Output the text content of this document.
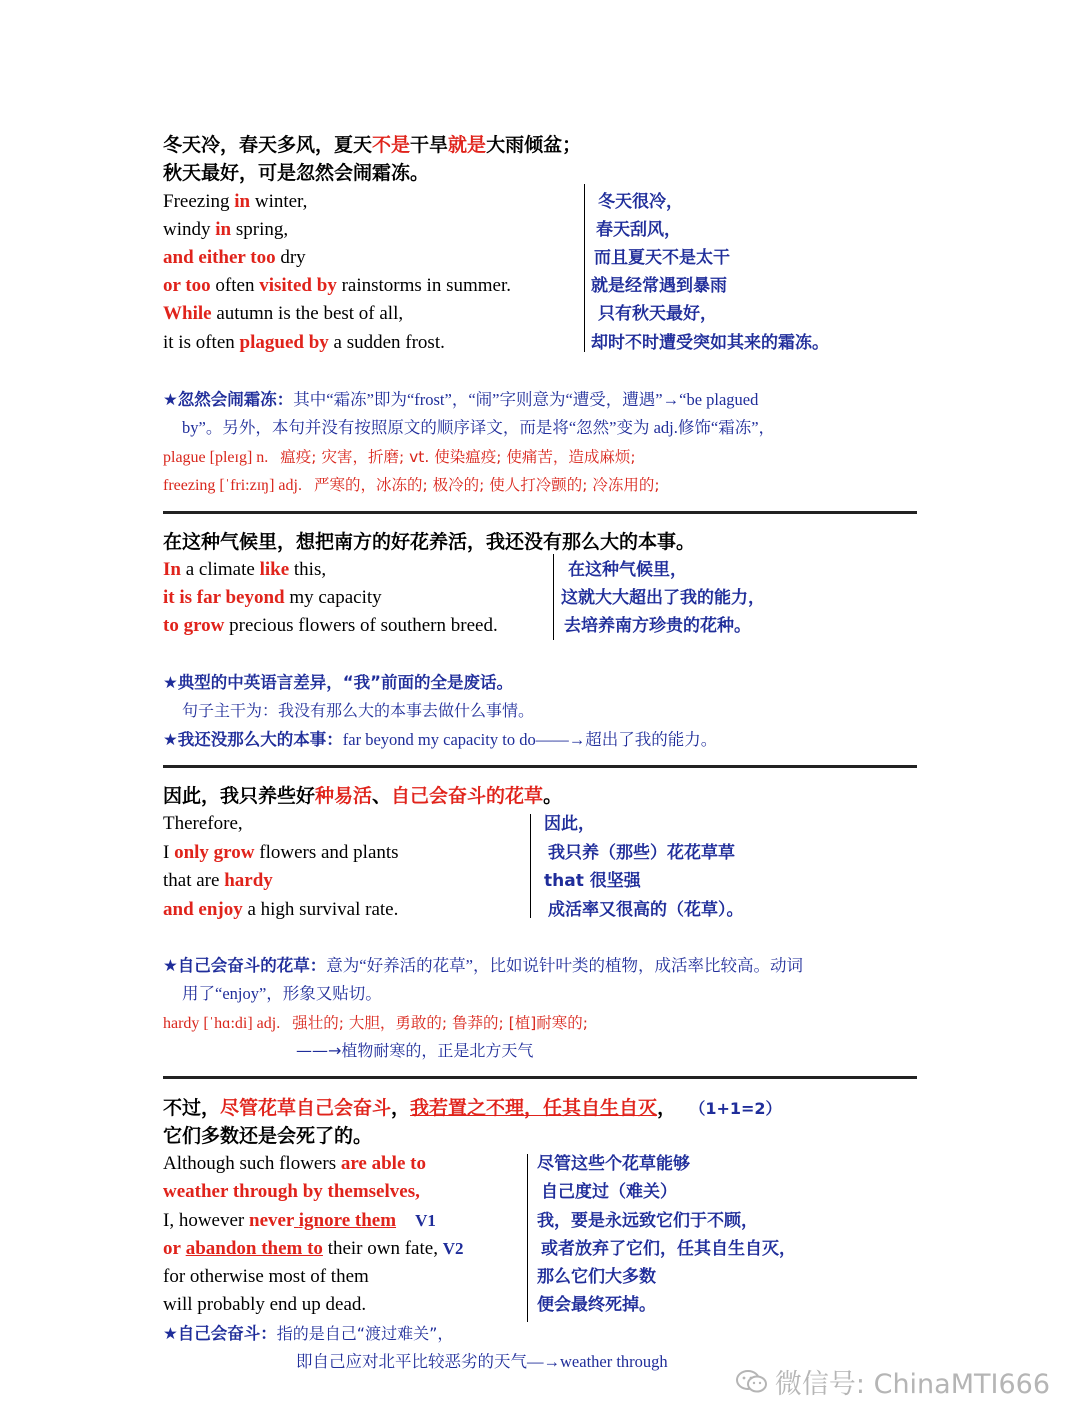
冬天冷，春天多风，夏天不是干旱就是大雨倾盆；
秋天最好，可是忽然会闹霜冻。
Freezing in winter,
windy in spring,
and either too dry
or too often visited by rainstorms in summer.
While autumn is the best of all,
it is often plagued by a sudden frost.
冬天很冷，
春天刮风，
而且夏天不是太干
就是经常遇到暴雨
只有秋天最好，
却时不时遭受突如其来的霜冻。
★忽然会闹霜冻：其中“霜冻”即为“frost”，“闹”字则意为“遭受，遭遇”→“be plagued
by”。另外，本句并没有按照原文的顺序译文，而是将“忽然”变为 adj.修饰“霜冻”，
plague [pleɪg] n. 瘟疫; 灾害，折磨; vt. 使染瘟疫; 使痛苦，造成麻烦;
freezing [ˈfri:zɪŋ] adj. 严寒的，冰冻的; 极冷的; 使人打冷颤的; 冷冻用的;
在这种气候里，想把南方的好花养活，我还没有那么大的本事。
In a climate like this,
it is far beyond my capacity
to grow precious flowers of southern breed.
在这种气候里，
这就大大超出了我的能力，
去培养南方珍贵的花种。
★典型的中英语言差异，“我”前面的全是废话。
句子主干为：我没有那么大的本事去做什么事情。
★我还没那么大的本事：far beyond my capacity to do——→超出了我的能力。
因此，我只养些好种易活、自己会奋斗的花草。
Therefore,
I only grow flowers and plants
that are hardy
and enjoy a high survival rate.
因此，
我只养（那些）花花草草
that 很坚强
成活率又很高的（花草）。
★自己会奋斗的花草：意为“好养活的花草”，比如说针叶类的植物，成活率比较高。动词
用了“enjoy”，形象又贴切。
hardy [ˈhɑ:di] adj. 强壮的; 大胆，勇敢的; 鲁莽的; [植]耐寒的;
——→植物耐寒的，正是北方天气
不过，尽管花草自己会奋斗，我若置之不理，任其自生自灭， （1+1=2）
它们多数还是会死了的。
Although such flowers are able to
weather through by themselves,
I, however never ignore them V1
or abandon them to their own fate, V2
for otherwise most of them
will probably end up dead.
尽管这些个花草能够
自己度过（难关）
我，要是永远致它们于不顾，
或者放弃了它们，任其自生自灭，
那么它们大多数
便会最终死掉。
★自己会奋斗：指的是自己“渡过难关”，
即自己应对北平比较恶劣的天气—→weather through
微信号: ChinaMTI666
